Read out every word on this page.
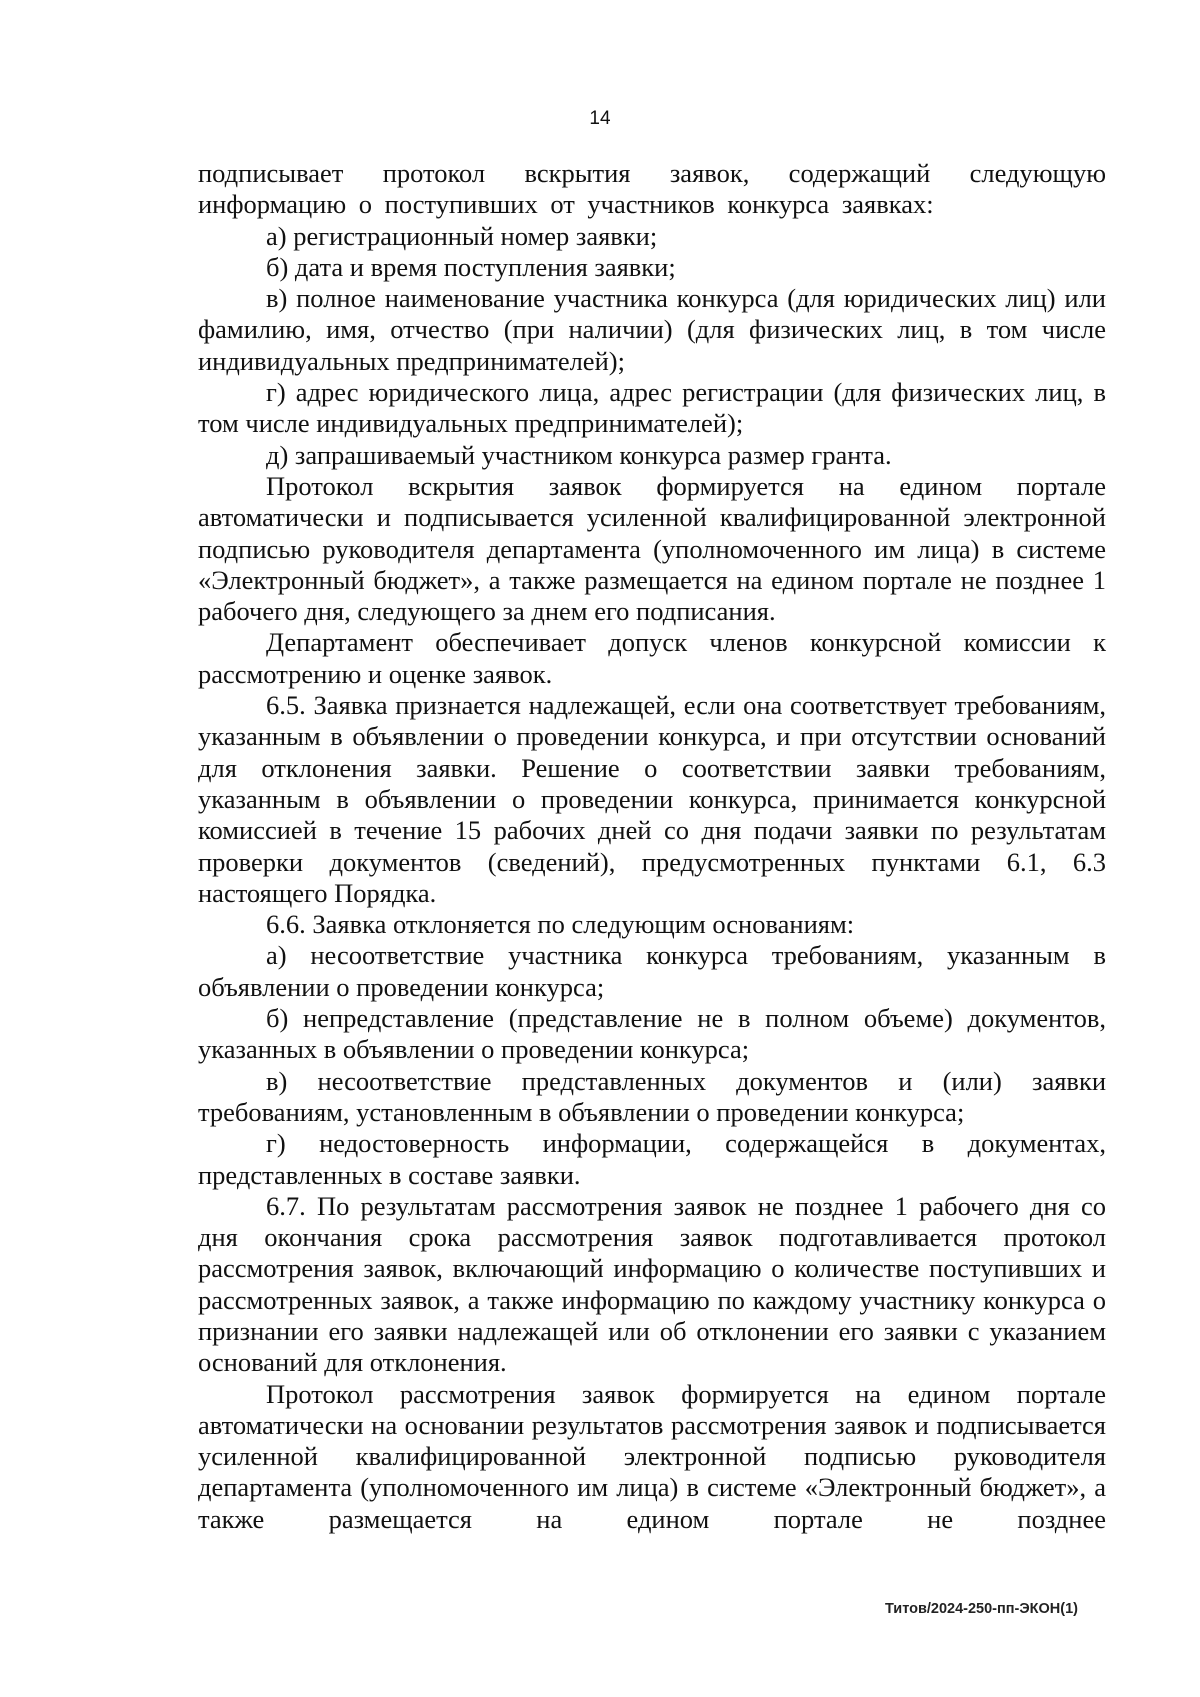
14

подписывает протокол вскрытия заявок, содержащий следующую информацию о поступивших от участников конкурса заявках:

а) регистрационный номер заявки;

б) дата и время поступления заявки;

в) полное наименование участника конкурса (для юридических лиц) или фамилию, имя, отчество (при наличии) (для физических лиц, в том числе индивидуальных предпринимателей);

г) адрес юридического лица, адрес регистрации (для физических лиц, в том числе индивидуальных предпринимателей);

д) запрашиваемый участником конкурса размер гранта.

Протокол вскрытия заявок формируется на едином портале автоматически и подписывается усиленной квалифицированной электронной подписью руководителя департамента (уполномоченного им лица) в системе «Электронный бюджет», а также размещается на едином портале не позднее 1 рабочего дня, следующего за днем его подписания.

Департамент обеспечивает допуск членов конкурсной комиссии к рассмотрению и оценке заявок.

6.5. Заявка признается надлежащей, если она соответствует требованиям, указанным в объявлении о проведении конкурса, и при отсутствии оснований для отклонения заявки. Решение о соответствии заявки требованиям, указанным в объявлении о проведении конкурса, принимается конкурсной комиссией в течение 15 рабочих дней со дня подачи заявки по результатам проверки документов (сведений), предусмотренных пунктами 6.1, 6.3 настоящего Порядка.

6.6. Заявка отклоняется по следующим основаниям:

а) несоответствие участника конкурса требованиям, указанным в объявлении о проведении конкурса;

б) непредставление (представление не в полном объеме) документов, указанных в объявлении о проведении конкурса;

в) несоответствие представленных документов и (или) заявки требованиям, установленным в объявлении о проведении конкурса;

г) недостоверность информации, содержащейся в документах, представленных в составе заявки.

6.7. По результатам рассмотрения заявок не позднее 1 рабочего дня со дня окончания срока рассмотрения заявок подготавливается протокол рассмотрения заявок, включающий информацию о количестве поступивших и рассмотренных заявок, а также информацию по каждому участнику конкурса о признании его заявки надлежащей или об отклонении его заявки с указанием оснований для отклонения.

Протокол рассмотрения заявок формируется на едином портале автоматически на основании результатов рассмотрения заявок и подписывается усиленной квалифицированной электронной подписью руководителя департамента (уполномоченного им лица) в системе «Электронный бюджет», а также размещается на едином портале не позднее

Титов/2024-250-пп-ЭКОН(1)
